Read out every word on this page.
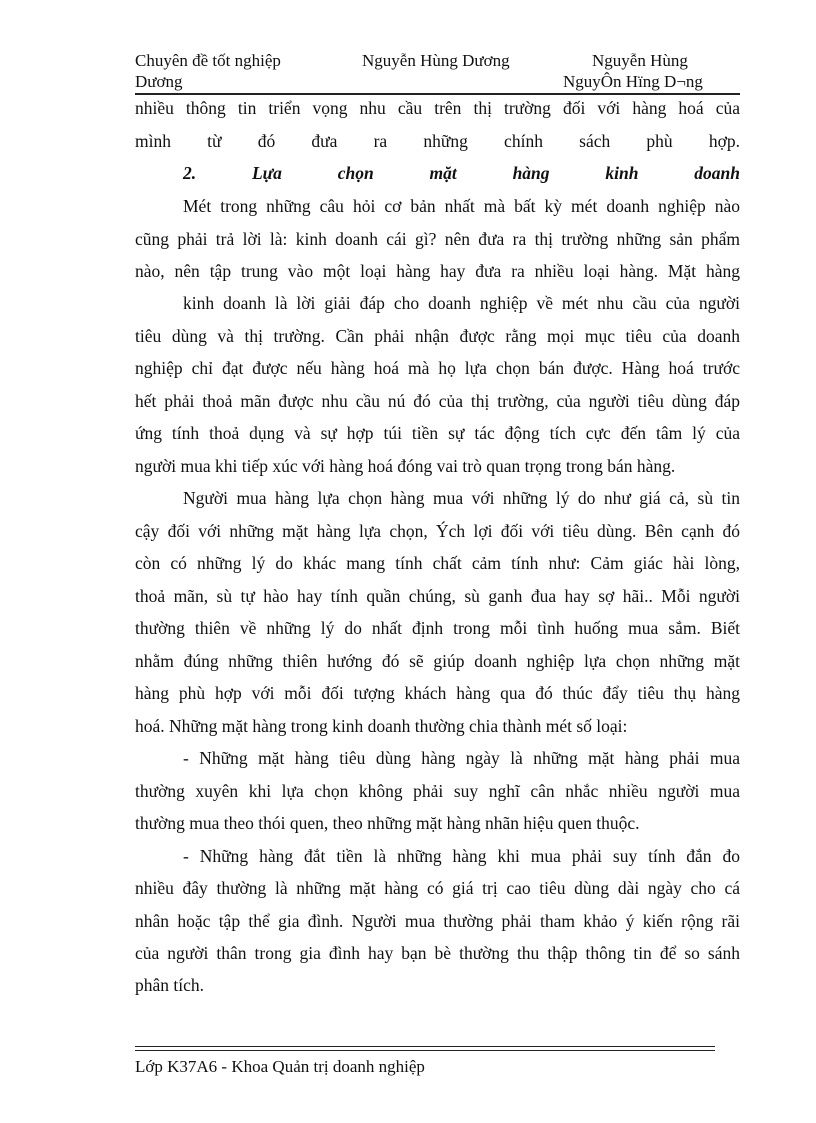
Chuyên đề tốt nghiệp
Dương
Nguyễn Hùng Dương	Nguyễn Hùng
NguyÔn Hïng D¬ng
nhiều thông tin triển vọng nhu cầu trên thị trường đối với hàng hoá của
mình từ đó đưa ra những chính sách phù hợp.
2. Lựa chọn mặt hàng kinh doanh
Mét trong những câu hỏi cơ bản nhất mà bất kỳ mét doanh nghiệp nào
cũng phải trả lời là: kinh doanh cái gì? nên đưa ra thị trường những sản phẩm
nào, nên tập trung vào một loại hàng hay đưa ra nhiều loại hàng. Mặt hàng
kinh doanh là lời giải đáp cho doanh nghiệp về mét nhu cầu của người
tiêu dùng và thị trường. Cần phải nhận được rằng mọi mục tiêu của doanh
nghiệp chỉ đạt được nếu hàng hoá mà họ lựa chọn bán được. Hàng hoá trước
hết phải thoả mãn được nhu cầu nú đó của thị trường, của người tiêu dùng đáp
ứng tính thoả dụng và sự hợp túi tiền sự tác động tích cực đến tâm lý của
người mua khi tiếp xúc với hàng hoá đóng vai trò quan trọng trong bán hàng.
Người mua hàng lựa chọn hàng mua với những lý do như giá cả, sù tin
cậy đối với những mặt hàng lựa chọn, Ých lợi đối với tiêu dùng. Bên cạnh đó
còn có những lý do khác mang tính chất cảm tính như: Cảm giác hài lòng,
thoả mãn, sù tự hào hay tính quần chúng, sù ganh đua hay sợ hãi.. Mỗi người
thường thiên về những lý do nhất định trong mỗi tình huống mua sắm. Biết
nhằm đúng những thiên hướng đó sẽ giúp doanh nghiệp lựa chọn những mặt
hàng phù hợp với mỗi đối tượng khách hàng qua đó thúc đẩy tiêu thụ hàng
hoá. Những mặt hàng trong kinh doanh thường chia thành mét số loại:
- Những mặt hàng tiêu dùng hàng ngày là những mặt hàng phải mua
thường xuyên khi lựa chọn không phải suy nghĩ cân nhắc nhiều người mua
thường mua theo thói quen, theo những mặt hàng nhãn hiệu quen thuộc.
- Những hàng đắt tiền là những hàng khi mua phải suy tính đắn đo
nhiều đây thường là những mặt hàng có giá trị cao tiêu dùng dài ngày cho cá
nhân hoặc tập thể gia đình. Người mua thường phải tham khảo ý kiến rộng rãi
của người thân trong gia đình hay bạn bè thường thu thập thông tin để so sánh
phân tích.
Lớp K37A6 - Khoa Quản trị doanh nghiệp
